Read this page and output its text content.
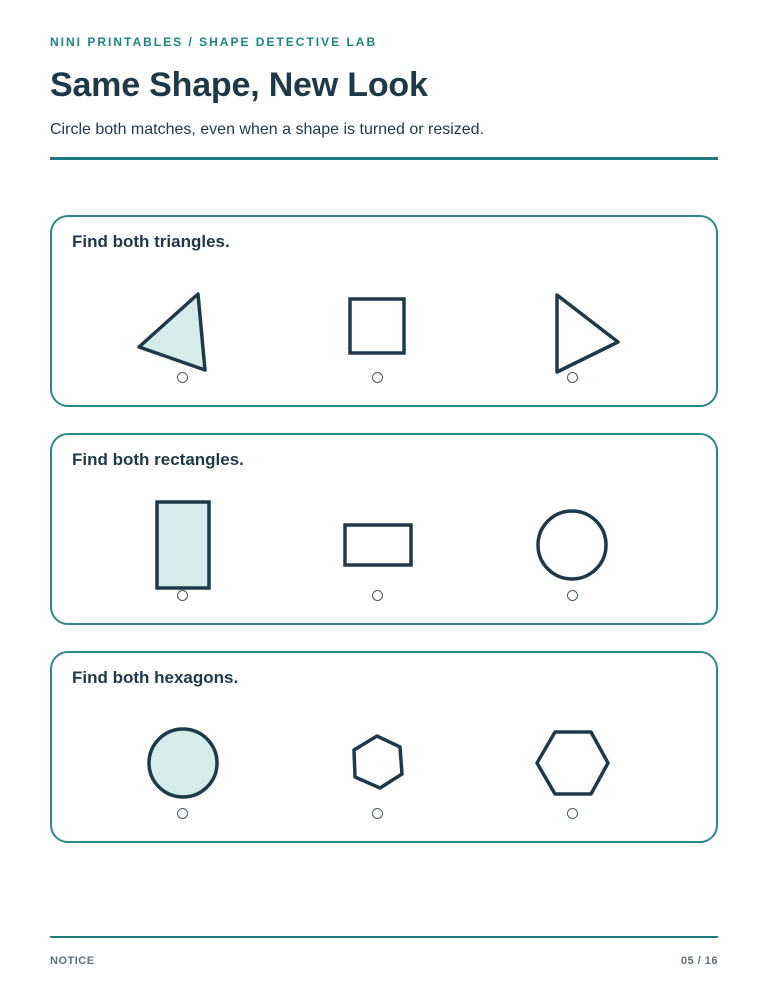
NINI PRINTABLES / SHAPE DETECTIVE LAB
Same Shape, New Look
Circle both matches, even when a shape is turned or resized.
Find both triangles.
Find both rectangles.
Find both hexagons.
NOTICE	05 / 16
